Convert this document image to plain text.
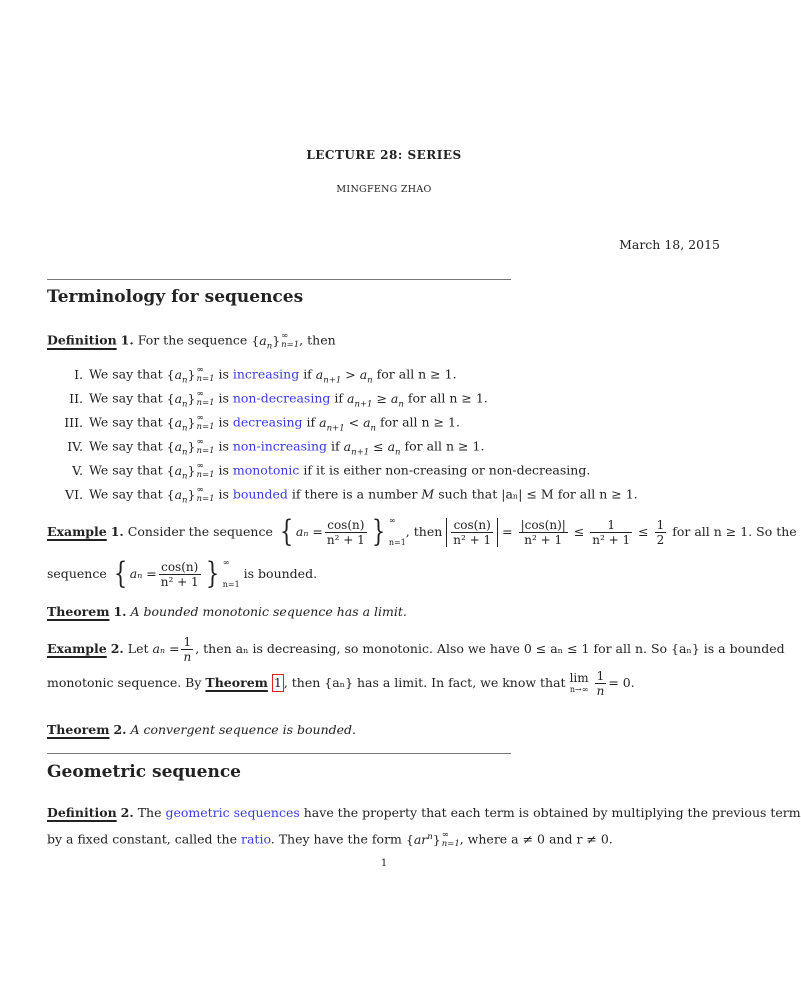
LECTURE 28: SERIES
MINGFENG ZHAO
March 18, 2015
Terminology for sequences
Definition 1. For the sequence $\{a_n\}$ ∞
n=1 , then
I. We say that $\{a_n\}$ ∞
n=1 is increasing if $a_{n+1} > a_n$ for all n ≥ 1.
II. We say that $\{a_n\}$ ∞
n=1 is non-decreasing if $a_{n+1} \ge a_n$ for all n ≥ 1.
III. We say that $\{a_n\}$ ∞
n=1 is decreasing if $a_{n+1} < a_n$ for all n ≥ 1.
IV. We say that $\{a_n\}$ ∞
n=1 is non-increasing if $a_{n+1} \le a_n$ for all n ≥ 1.
V. We say that $\{a_n\}$ ∞
n=1 is monotonic if it is either non-creasing or non-decreasing.
VI. We say that $\{a_n\}$ ∞
n=1 is bounded if there is a number M such that |aₙ| ≤ M for all n ≥ 1.
Example
1.
Consider the sequence
{ $a_n = \frac{\cos(n)}{\text{n² + 1}}$ } ∞
n=1
, then
$\frac{\cos(n)}{\text{n² + 1}}$
=
$\frac{|\cos(n)|}{\text{n² + 1}}$
≤
$\frac{1}{\text{n² + 1}}$
≤
$\frac{1}{2}$
for all n ≥ 1. So the
sequence
{ $a_n = \frac{\cos(n)}{\text{n² + 1}}$ } ∞
n=1

is bounded.
Theorem 1. A bounded monotonic sequence has a limit.
Example
2.
Let
$a_n = \frac{1}{n}$ , then aₙ is decreasing, so monotonic. Also we have 0 ≤ aₙ ≤ 1 for all n. So {aₙ} is a bounded
monotonic sequence. By
Theorem
1 , then {aₙ} has a limit. In fact, we know that
lim
n→∞
$\frac{1}{n} = 0$.
Theorem 2. A convergent sequence is bounded.
Geometric sequence
Definition 2. The geometric sequences have the property that each term is obtained by multiplying the previous term
by a fixed constant, called the ratio. They have the form $\{ar^n\}$ ∞
n=1 , where a ≠ 0 and r ≠ 0.
1
